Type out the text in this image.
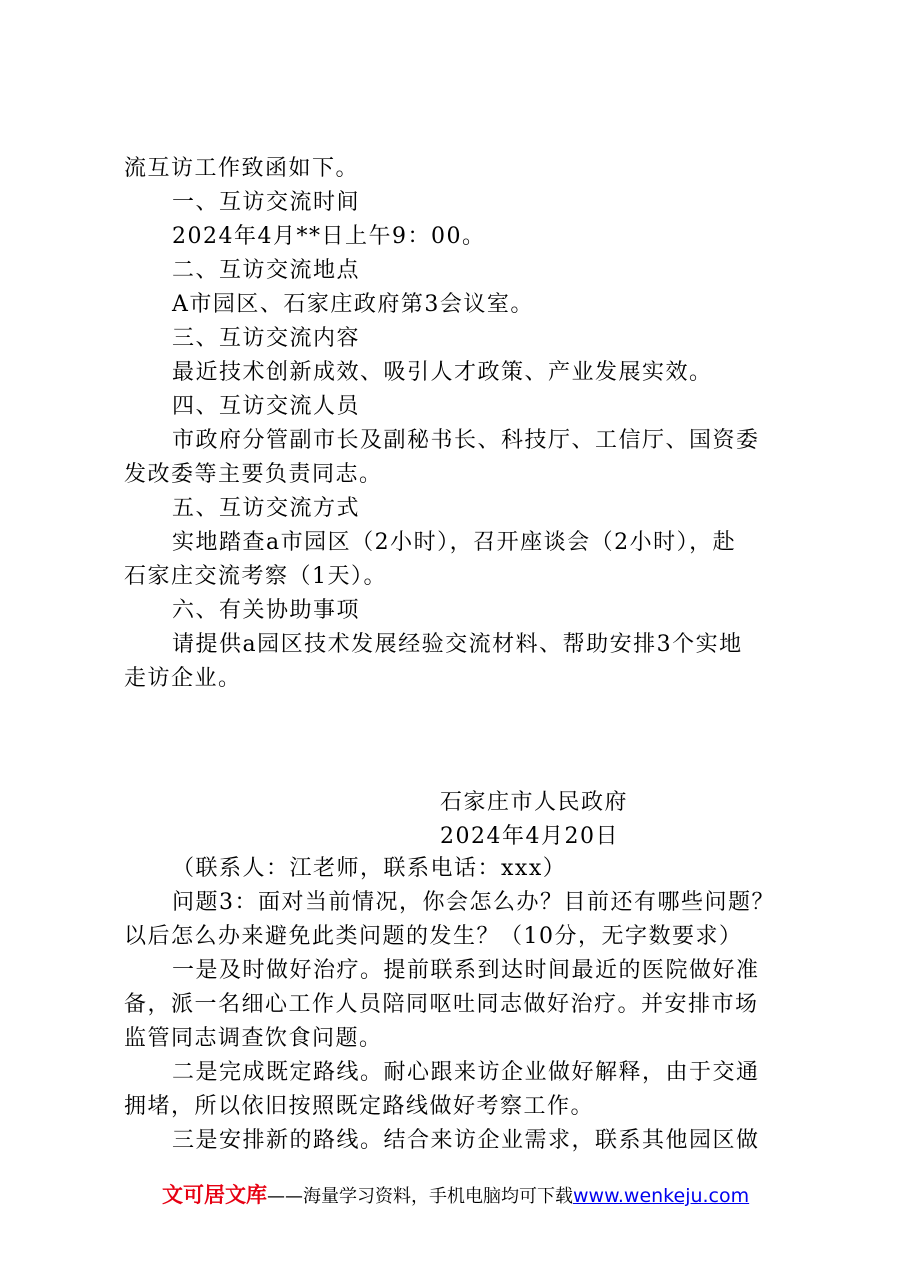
流互访工作致函如下。
一、互访交流时间
2024年4月**日上午9：00。
二、互访交流地点
A市园区、石家庄政府第3会议室。
三、互访交流内容
最近技术创新成效、吸引人才政策、产业发展实效。
四、互访交流人员
市政府分管副市长及副秘书长、科技厅、工信厅、国资委
发改委等主要负责同志。
五、互访交流方式
实地踏查a市园区（2小时），召开座谈会（2小时），赴
石家庄交流考察（1天）。
六、有关协助事项
请提供a园区技术发展经验交流材料、帮助安排3个实地
走访企业。
石家庄市人民政府
2024年4月20日
（联系人：江老师，联系电话：xxx）
问题3：面对当前情况，你会怎么办？目前还有哪些问题？
以后怎么办来避免此类问题的发生？（10分，无字数要求）
一是及时做好治疗。提前联系到达时间最近的医院做好准
备，派一名细心工作人员陪同呕吐同志做好治疗。并安排市场
监管同志调查饮食问题。
二是完成既定路线。耐心跟来访企业做好解释，由于交通
拥堵，所以依旧按照既定路线做好考察工作。
三是安排新的路线。结合来访企业需求，联系其他园区做
文可居文库——海量学习资料，手机电脑均可下载www.wenkeju.com
